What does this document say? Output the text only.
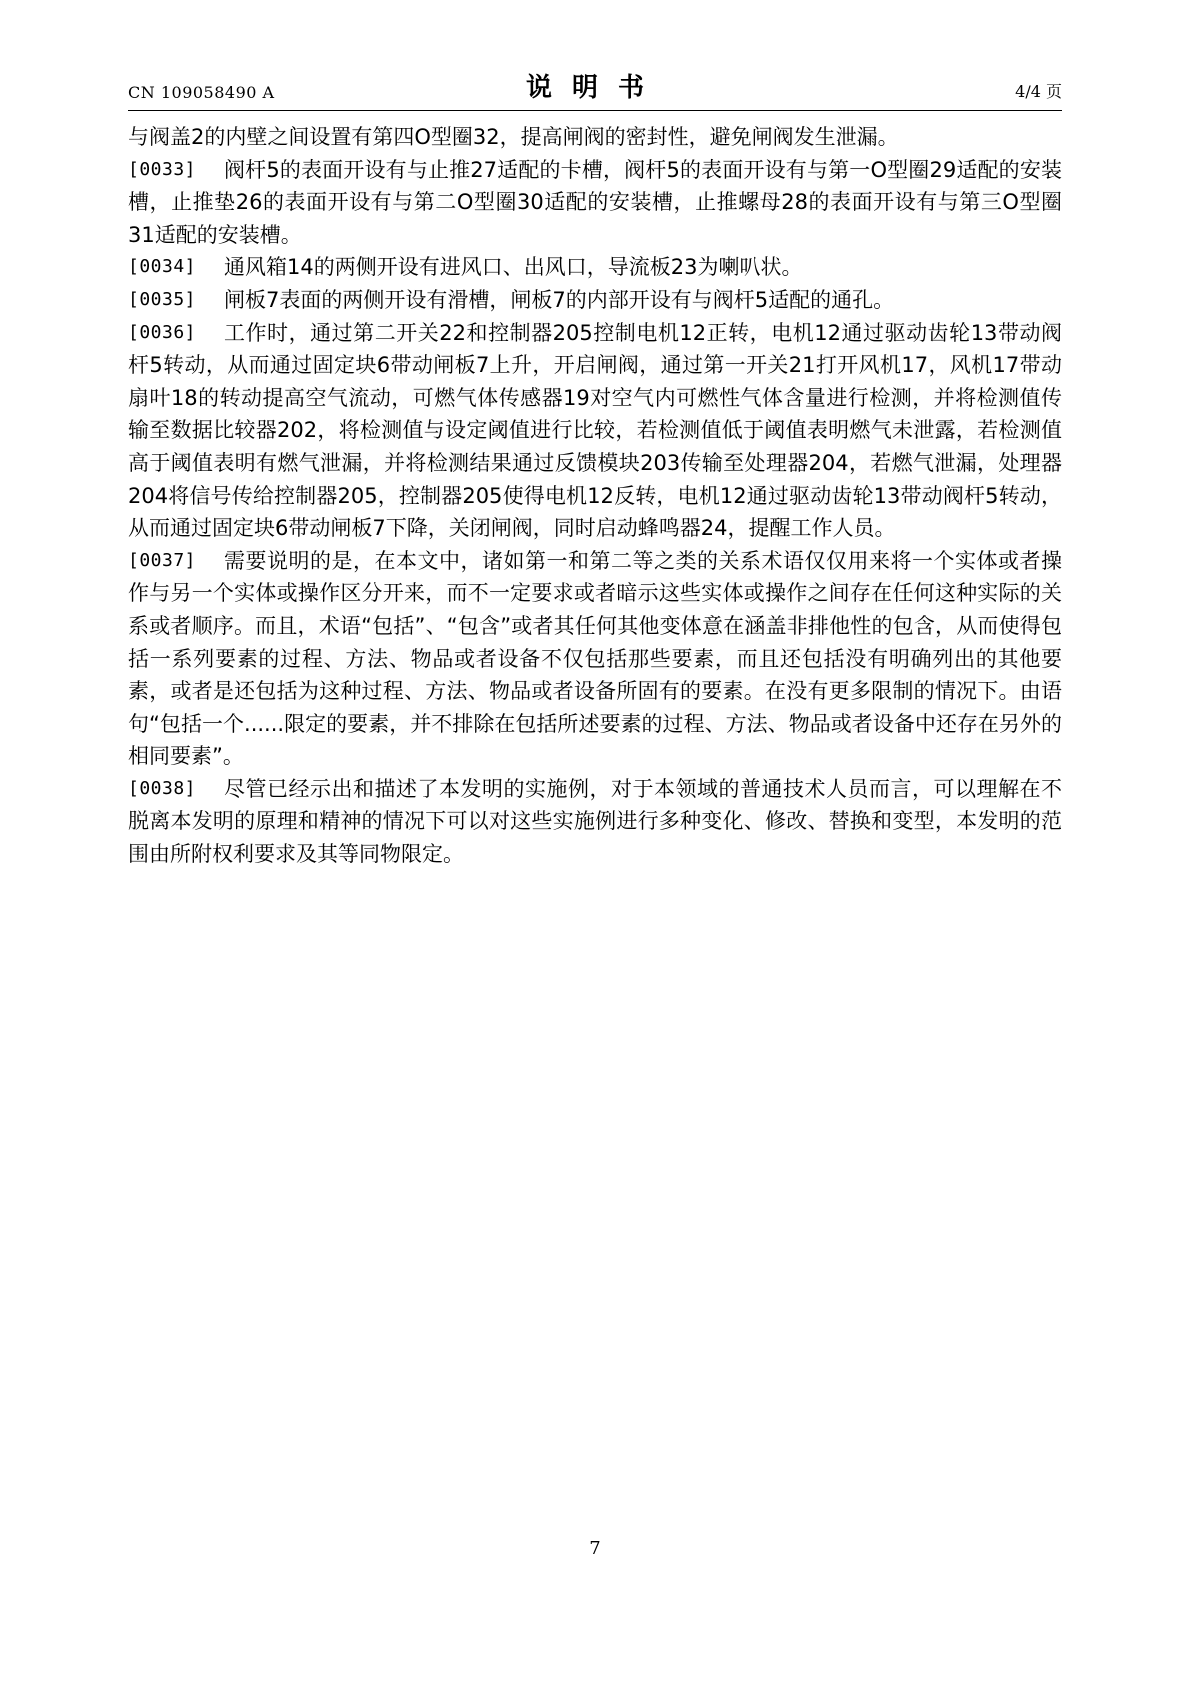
CN 109058490 A	说明书	4/4 页

与阀盖2的内壁之间设置有第四O型圈32，提高闸阀的密封性，避免闸阀发生泄漏。

[0033]	阀杆5的表面开设有与止推27适配的卡槽，阀杆5的表面开设有与第一O型圈29适配的安装槽，止推垫26的表面开设有与第二O型圈30适配的安装槽，止推螺母28的表面开设有与第三O型圈31适配的安装槽。

[0034]	通风箱14的两侧开设有进风口、出风口，导流板23为喇叭状。

[0035]	闸板7表面的两侧开设有滑槽，闸板7的内部开设有与阀杆5适配的通孔。

[0036]	工作时，通过第二开关22和控制器205控制电机12正转，电机12通过驱动齿轮13带动阀杆5转动，从而通过固定块6带动闸板7上升，开启闸阀，通过第一开关21打开风机17，风机17带动扇叶18的转动提高空气流动，可燃气体传感器19对空气内可燃性气体含量进行检测，并将检测值传输至数据比较器202，将检测值与设定阈值进行比较，若检测值低于阈值表明燃气未泄露，若检测值高于阈值表明有燃气泄漏，并将检测结果通过反馈模块203传输至处理器204，若燃气泄漏，处理器204将信号传给控制器205，控制器205使得电机12反转，电机12通过驱动齿轮13带动阀杆5转动，从而通过固定块6带动闸板7下降，关闭闸阀，同时启动蜂鸣器24，提醒工作人员。

[0037]	需要说明的是，在本文中，诸如第一和第二等之类的关系术语仅仅用来将一个实体或者操作与另一个实体或操作区分开来，而不一定要求或者暗示这些实体或操作之间存在任何这种实际的关系或者顺序。而且，术语“包括”、“包含”或者其任何其他变体意在涵盖非排他性的包含，从而使得包括一系列要素的过程、方法、物品或者设备不仅包括那些要素，而且还包括没有明确列出的其他要素，或者是还包括为这种过程、方法、物品或者设备所固有的要素。在没有更多限制的情况下。由语句“包括一个......限定的要素，并不排除在包括所述要素的过程、方法、物品或者设备中还存在另外的相同要素”。

[0038]	尽管已经示出和描述了本发明的实施例，对于本领域的普通技术人员而言，可以理解在不脱离本发明的原理和精神的情况下可以对这些实施例进行多种变化、修改、替换和变型，本发明的范围由所附权利要求及其等同物限定。

7
